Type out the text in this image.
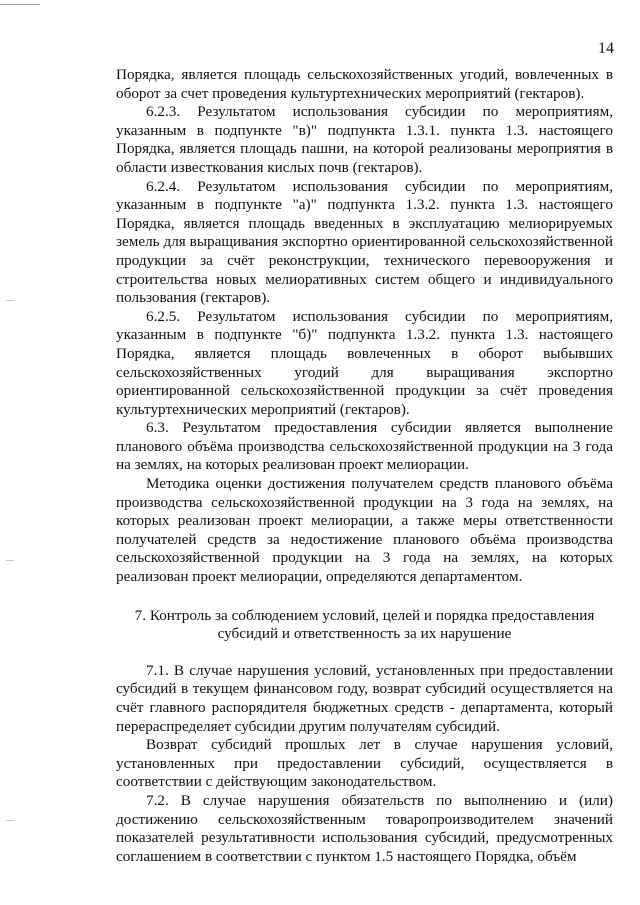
14

Порядка, является площадь сельскохозяйственных угодий, вовлеченных в оборот за счет проведения культуртехнических мероприятий (гектаров).

6.2.3. Результатом использования субсидии по мероприятиям, указанным в подпункте "в)" подпункта 1.3.1. пункта 1.3. настоящего Порядка, является площадь пашни, на которой реализованы мероприятия в области известкования кислых почв (гектаров).

6.2.4. Результатом использования субсидии по мероприятиям, указанным в подпункте "а)" подпункта 1.3.2. пункта 1.3. настоящего Порядка, является площадь введенных в эксплуатацию мелиорируемых земель для выращивания экспортно ориентированной сельскохозяйственной продукции за счёт реконструкции, технического перевооружения и строительства новых мелиоративных систем общего и индивидуального пользования (гектаров).

6.2.5. Результатом использования субсидии по мероприятиям, указанным в подпункте "б)" подпункта 1.3.2. пункта 1.3. настоящего Порядка, является площадь вовлеченных в оборот выбывших сельскохозяйственных угодий для выращивания экспортно ориентированной сельскохозяйственной продукции за счёт проведения культуртехнических мероприятий (гектаров).

6.3. Результатом предоставления субсидии является выполнение планового объёма производства сельскохозяйственной продукции на 3 года на землях, на которых реализован проект мелиорации.

Методика оценки достижения получателем средств планового объёма производства сельскохозяйственной продукции на 3 года на землях, на которых реализован проект мелиорации, а также меры ответственности получателей средств за недостижение планового объёма производства сельскохозяйственной продукции на 3 года на землях, на которых реализован проект мелиорации, определяются департаментом.

7. Контроль за соблюдением условий, целей и порядка предоставления
субсидий и ответственность за их нарушение

7.1. В случае нарушения условий, установленных при предоставлении субсидий в текущем финансовом году, возврат субсидий осуществляется на счёт главного распорядителя бюджетных средств - департамента, который перераспределяет субсидии другим получателям субсидий.

Возврат субсидий прошлых лет в случае нарушения условий, установленных при предоставлении субсидий, осуществляется в соответствии с действующим законодательством.

7.2. В случае нарушения обязательств по выполнению и (или) достижению сельскохозяйственным товаропроизводителем значений показателей результативности использования субсидий, предусмотренных соглашением в соответствии с пунктом 1.5 настоящего Порядка, объём
